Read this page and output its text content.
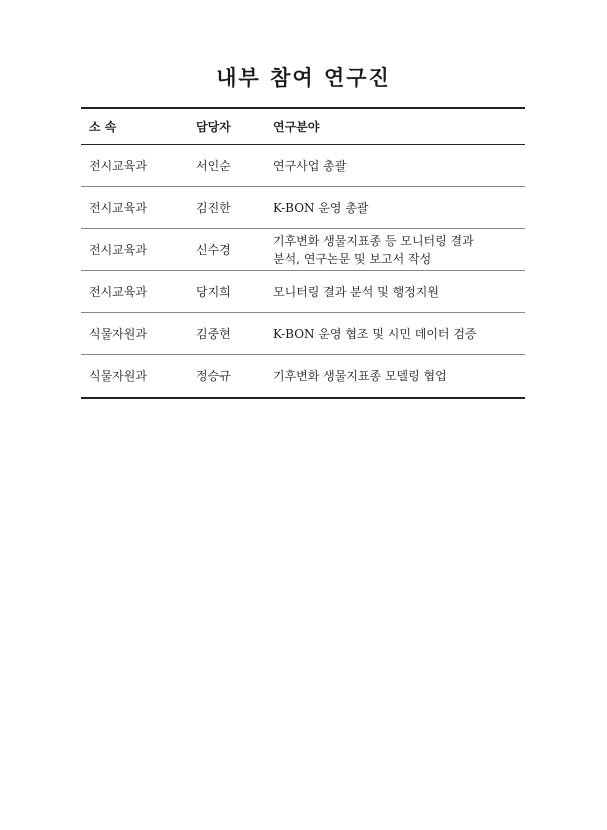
내부 참여 연구진
소 속	담당자	연구분야
전시교육과	서인순	연구사업 총괄
전시교육과	김진한	K-BON 운영 총괄
전시교육과	신수경
기후변화 생물지표종 등 모니터링 결과
분석, 연구논문 및 보고서 작성
전시교육과	당지희	모니터링 결과 분석 및 행정지원
식물자원과	김중현	K-BON 운영 협조 및 시민 데이터 검증
식물자원과	정승규	기후변화 생물지표종 모델링 협업
